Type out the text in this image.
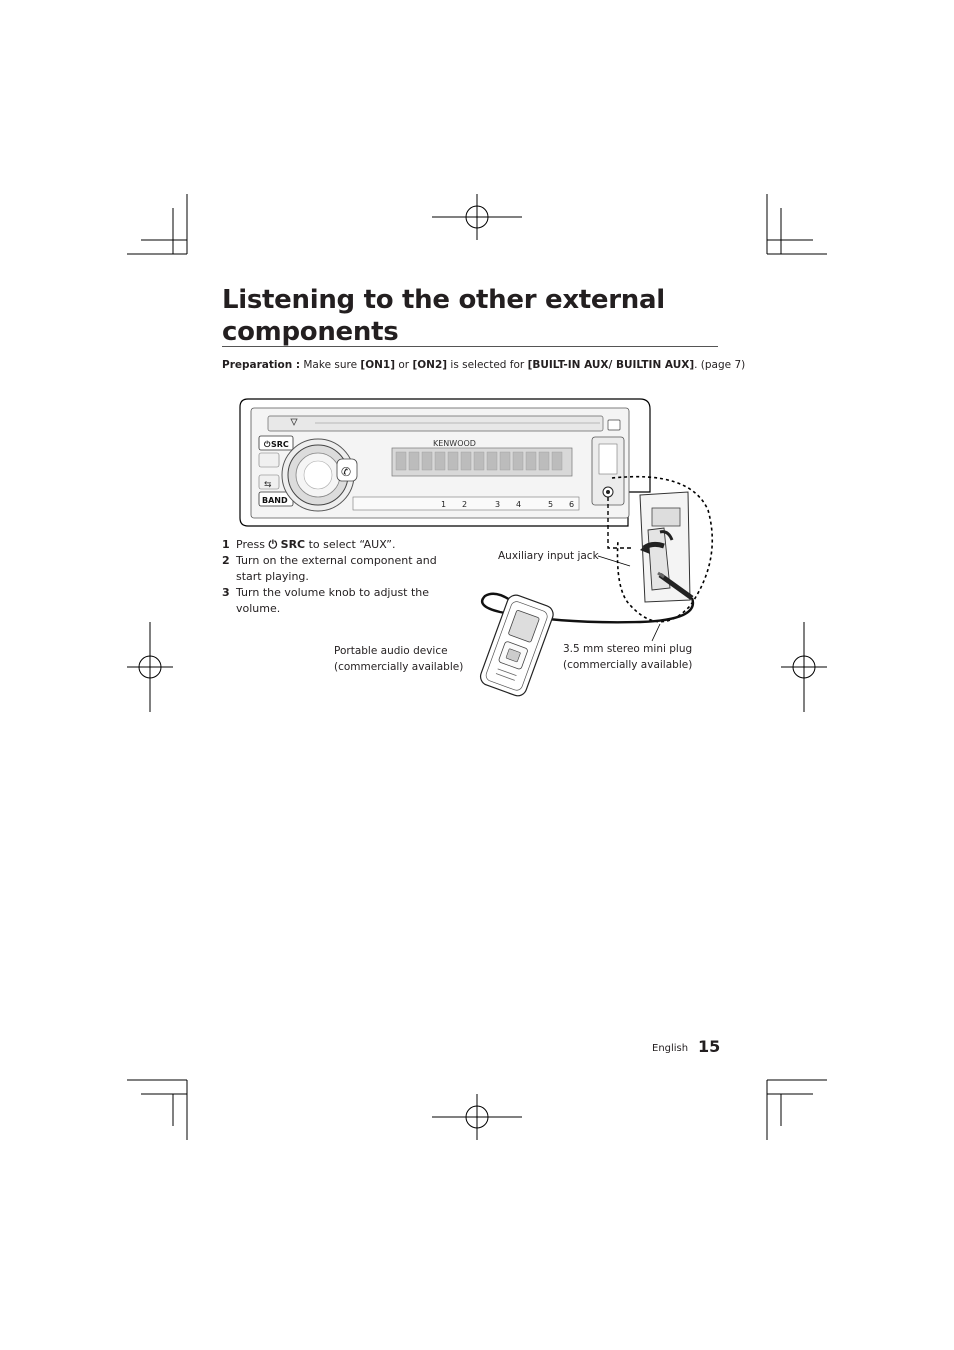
Listening to the other external
components
Preparation : Make sure [ON1] or [ON2] is selected for [BUILT-IN AUX/ BUILTIN AUX]. (page 7)
⏻ SRC
⇆
BAND
✆
KENWOOD
1 2	3 4	5 6
1 Press ⏻ SRC to select “AUX”.
2 Turn on the external component and start playing.
3 Turn the volume knob to adjust the volume.
Auxiliary input jack
Portable audio device
(commercially available)
3.5 mm stereo mini plug
(commercially available)
English 15
